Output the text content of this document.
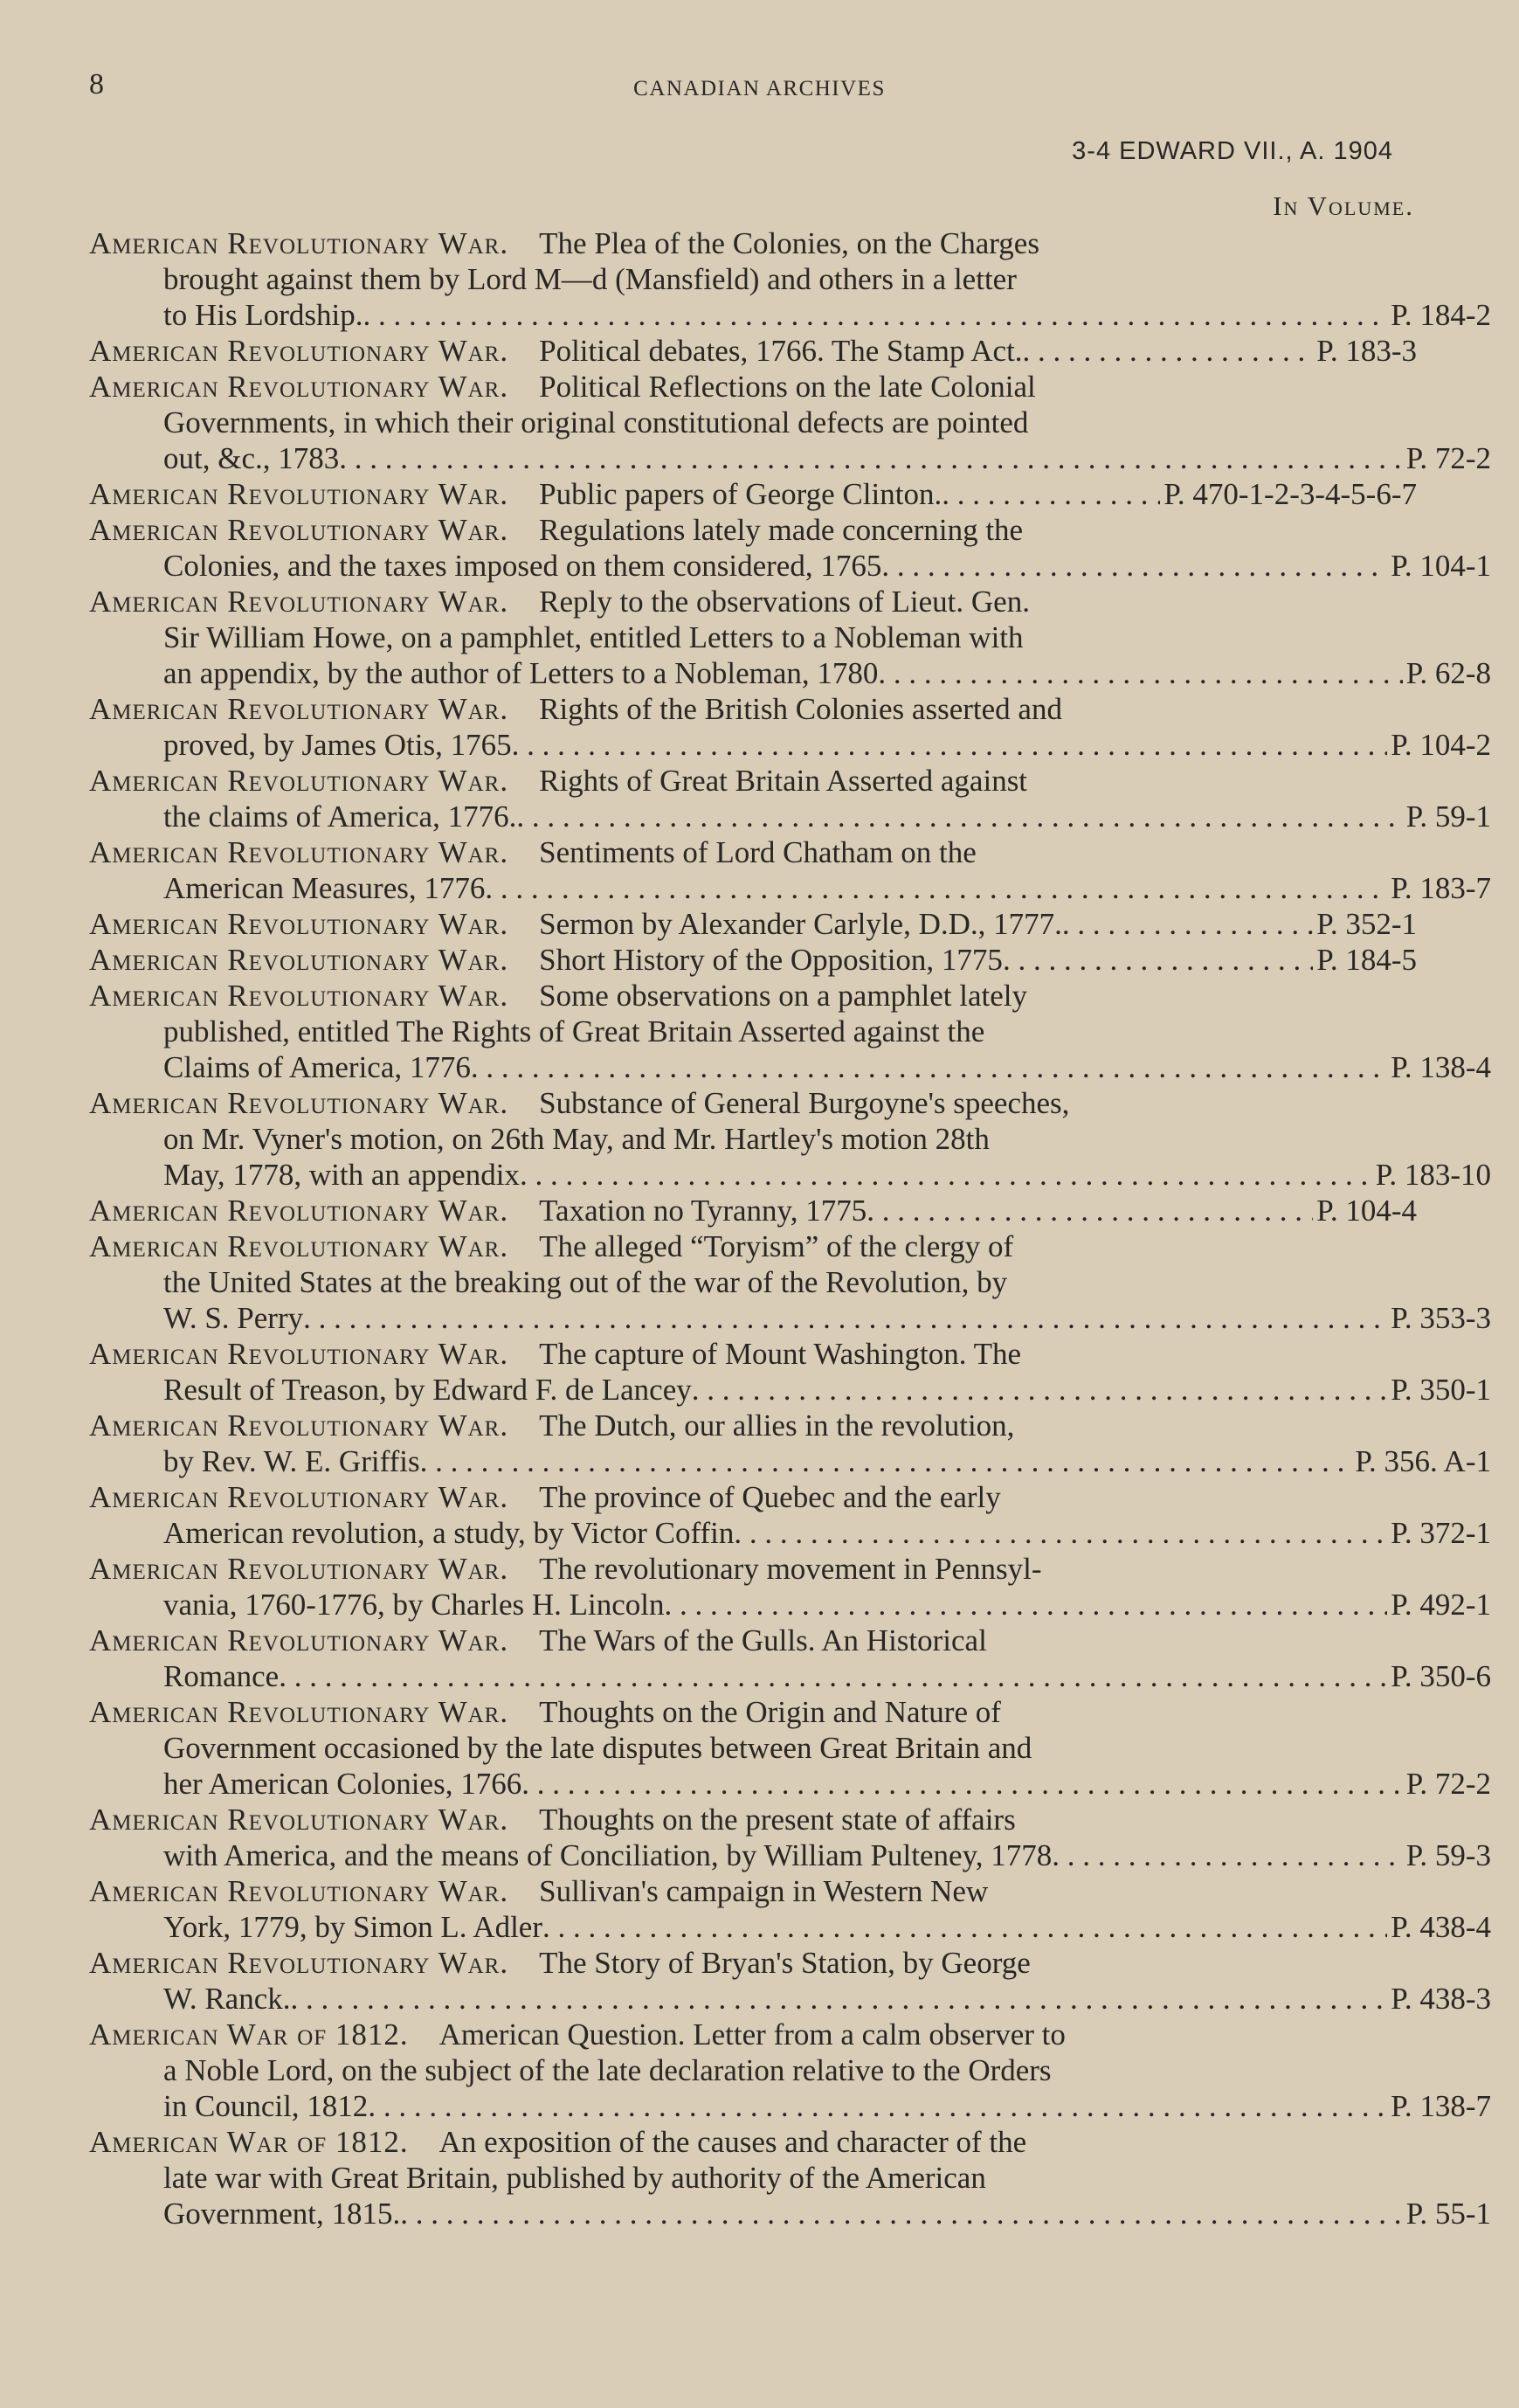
8	CANADIAN ARCHIVES
3-4 EDWARD VII., A. 1904
In Volume.
American Revolutionary War.   The Plea of the Colonies, on the Charges
brought against them by Lord M—d (Mansfield) and others in a letter
to His Lordship. . . .	P. 184-2
American Revolutionary War.   Political debates, 1766. The Stamp Act. . . .	P. 183-3
American Revolutionary War.   Political Reflections on the late Colonial
Governments, in which their original constitutional defects are pointed
out, &c., 1783 . . .	P. 72-2
American Revolutionary War.   Public papers of George Clinton. . . .	P. 470-1-2-3-4-5-6-7
American Revolutionary War.   Regulations lately made concerning the
Colonies, and the taxes imposed on them considered, 1765 . . .	P. 104-1
American Revolutionary War.   Reply to the observations of Lieut. Gen.
Sir William Howe, on a pamphlet, entitled Letters to a Nobleman with
an appendix, by the author of Letters to a Nobleman, 1780 . . .	P. 62-8
American Revolutionary War.   Rights of the British Colonies asserted and
proved, by James Otis, 1765 . . .	P. 104-2
American Revolutionary War.   Rights of Great Britain Asserted against
the claims of America, 1776. . . .	P. 59-1
American Revolutionary War.   Sentiments of Lord Chatham on the
American Measures, 1776 . . .	P. 183-7
American Revolutionary War.   Sermon by Alexander Carlyle, D.D., 1777. . . .	P. 352-1
American Revolutionary War.   Short History of the Opposition, 1775 . . .	P. 184-5
American Revolutionary War.   Some observations on a pamphlet lately
published, entitled The Rights of Great Britain Asserted against the
Claims of America, 1776 . . .	P. 138-4
American Revolutionary War.   Substance of General Burgoyne's speeches,
on Mr. Vyner's motion, on 26th May, and Mr. Hartley's motion 28th
May, 1778, with an appendix . . .	P. 183-10
American Revolutionary War.   Taxation no Tyranny, 1775 . . .	P. 104-4
American Revolutionary War.   The alleged “Toryism” of the clergy of
the United States at the breaking out of the war of the Revolution, by
W. S. Perry . . .	P. 353-3
American Revolutionary War.   The capture of Mount Washington. The
Result of Treason, by Edward F. de Lancey . . .	P. 350-1
American Revolutionary War.   The Dutch, our allies in the revolution,
by Rev. W. E. Griffis . . .	P. 356. A-1
American Revolutionary War.   The province of Quebec and the early
American revolution, a study, by Victor Coffin . . .	P. 372-1
American Revolutionary War.   The revolutionary movement in Pennsyl-
vania, 1760-1776, by Charles H. Lincoln . . .	P. 492-1
American Revolutionary War.   The Wars of the Gulls. An Historical
Romance . . .	P. 350-6
American Revolutionary War.   Thoughts on the Origin and Nature of
Government occasioned by the late disputes between Great Britain and
her American Colonies, 1766 . . .	P. 72-2
American Revolutionary War.   Thoughts on the present state of affairs
with America, and the means of Conciliation, by William Pulteney, 1778 . . .	P. 59-3
American Revolutionary War.   Sullivan's campaign in Western New
York, 1779, by Simon L. Adler . . .	P. 438-4
American Revolutionary War.   The Story of Bryan's Station, by George
W. Ranck. . . .	P. 438-3
American War of 1812.   American Question. Letter from a calm observer to
a Noble Lord, on the subject of the late declaration relative to the Orders
in Council, 1812 . . .	P. 138-7
American War of 1812.   An exposition of the causes and character of the
late war with Great Britain, published by authority of the American
Government, 1815. . . .	P. 55-1
